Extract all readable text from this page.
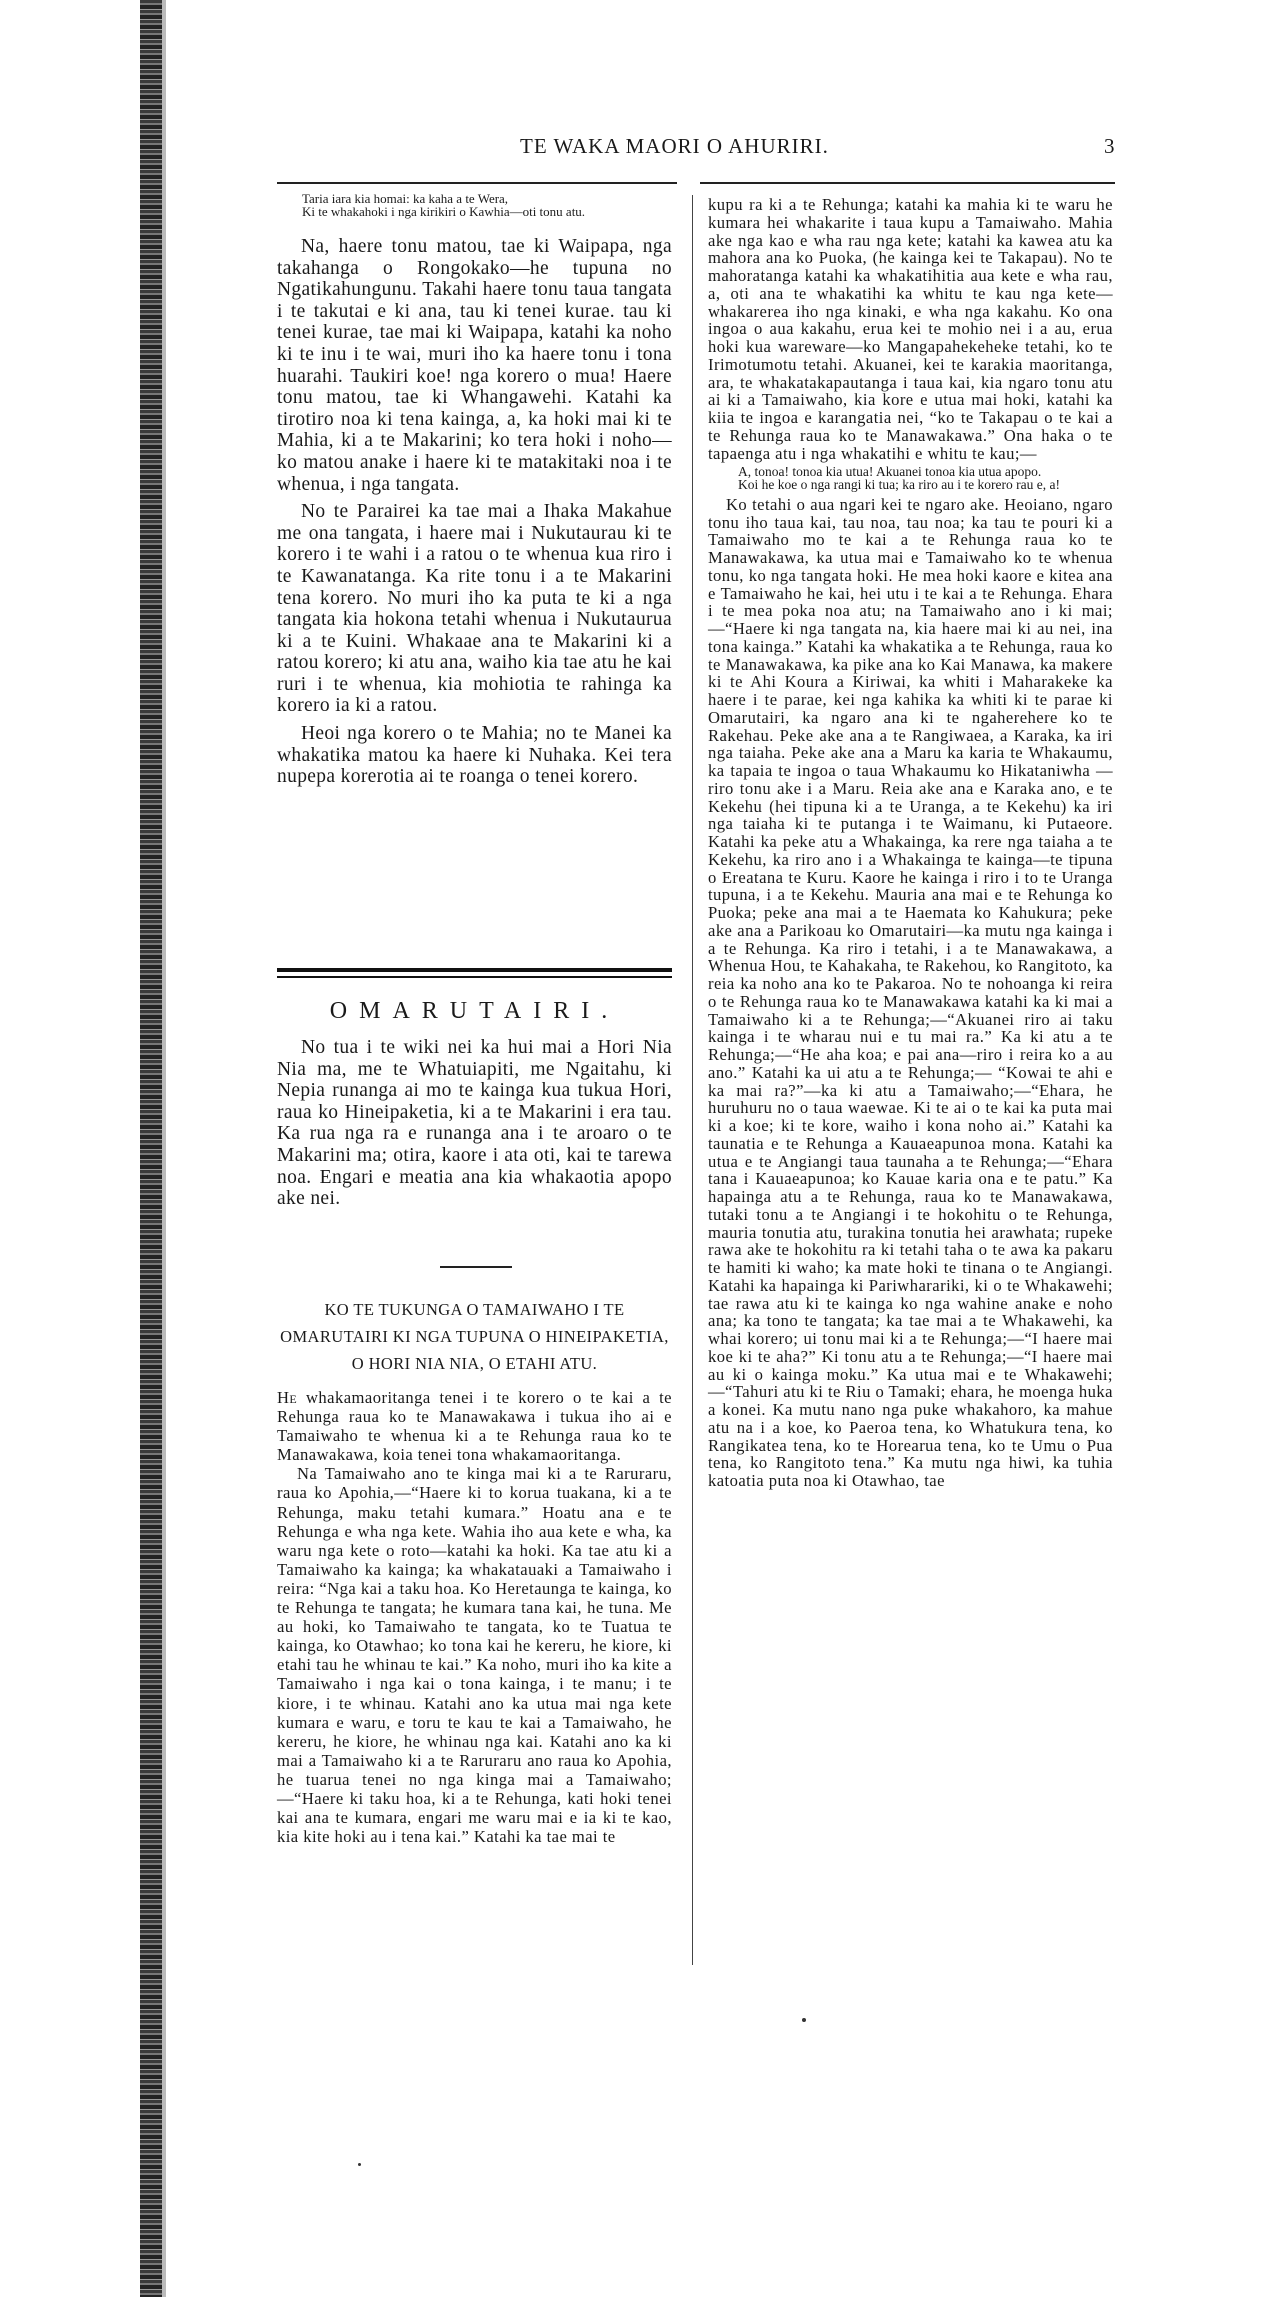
TE WAKA MAORI O AHURIRI.	3
Taria iara kia homai: ka kaha a te Wera,
Ki te whakahoki i nga kirikiri o Kawhia—oti tonu atu.

Na, haere tonu matou, tae ki Waipapa, nga takahanga o Rongokako—he tupuna no Ngatikahungunu. Takahi haere tonu taua tangata i te takutai e ki ana, tau ki tenei kurae. tau ki tenei kurae, tae mai ki Waipapa, katahi ka noho ki te inu i te wai, muri iho ka haere tonu i tona huarahi. Taukiri koe! nga korero o mua! Haere tonu matou, tae ki Whangawehi. Katahi ka tirotiro noa ki tena kainga, a, ka hoki mai ki te Mahia, ki a te Makarini; ko tera hoki i noho—ko matou anake i haere ki te matakitaki noa i te whenua, i nga tangata.

No te Parairei ka tae mai a Ihaka Makahue me ona tangata, i haere mai i Nukutaurau ki te korero i te wahi i a ratou o te whenua kua riro i te Kawanatanga. Ka rite tonu i a te Makarini tena korero. No muri iho ka puta te ki a nga tangata kia hokona tetahi whenua i Nukutaurua ki a te Kuini. Whakaae ana te Makarini ki a ratou korero; ki atu ana, waiho kia tae atu he kai ruri i te whenua, kia mohiotia te rahinga ka korero ia ki a ratou.

Heoi nga korero o te Mahia; no te Manei ka whakatika matou ka haere ki Nuhaka. Kei tera nupepa korerotia ai te roanga o tenei korero.

OMARUTAIRI.

No tua i te wiki nei ka hui mai a Hori Nia Nia ma, me te Whatuiapiti, me Ngaitahu, ki Nepia runanga ai mo te kainga kua tukua Hori, raua ko Hineipaketia, ki a te Makarini i era tau. Ka rua nga ra e runanga ana i te aroaro o te Makarini ma; otira, kaore i ata oti, kai te tarewa noa. Engari e meatia ana kia whakaotia apopo ake nei.

KO TE TUKUNGA O TAMAIWAHO I TE OMARUTAIRI KI NGA TUPUNA O HINEIPAKETIA, O HORI NIA NIA, O ETAHI ATU.

He whakamaoritanga tenei i te korero o te kai a te Rehunga raua ko te Manawakawa i tukua iho ai e Tamaiwaho te whenua ki a te Rehunga raua ko te Manawakawa, koia tenei tona whakamaoritanga.

Na Tamaiwaho ano te kinga mai ki a te Raruraru, raua ko Apohia,—“Haere ki to korua tuakana, ki a te Rehunga, maku tetahi kumara.” Hoatu ana e te Rehunga e wha nga kete. Wahia iho aua kete e wha, ka waru nga kete o roto—katahi ka hoki. Ka tae atu ki a Tamaiwaho ka kainga; ka whakatauaki a Tamaiwaho i reira: “Nga kai a taku hoa. Ko Heretaunga te kainga, ko te Rehunga te tangata; he kumara tana kai, he tuna. Me au hoki, ko Tamaiwaho te tangata, ko te Tuatua te kainga, ko Otawhao; ko tona kai he kereru, he kiore, ki etahi tau he whinau te kai.” Ka noho, muri iho ka kite a Tamaiwaho i nga kai o tona kainga, i te manu; i te kiore, i te whinau. Katahi ano ka utua mai nga kete kumara e waru, e toru te kau te kai a Tamaiwaho, he kereru, he kiore, he whinau nga kai. Katahi ano ka ki mai a Tamaiwaho ki a te Raruraru ano raua ko Apohia, he tuarua tenei no nga kinga mai a Tamaiwaho;—“Haere ki taku hoa, ki a te Rehunga, kati hoki tenei kai ana te kumara, engari me waru mai e ia ki te kao, kia kite hoki au i tena kai.” Katahi ka tae mai te

kupu ra ki a te Rehunga; katahi ka mahia ki te waru he kumara hei whakarite i taua kupu a Tamaiwaho. Mahia ake nga kao e wha rau nga kete; katahi ka kawea atu ka mahora ana ko Puoka, (he kainga kei te Takapau). No te mahoratanga katahi ka whakatihitia aua kete e wha rau, a, oti ana te whakatihi ka whitu te kau nga kete—whakarerea iho nga kinaki, e wha nga kakahu. Ko ona ingoa o aua kakahu, erua kei te mohio nei i a au, erua hoki kua wareware—ko Mangapahekeheke tetahi, ko te Irimotumotu tetahi. Akuanei, kei te karakia maoritanga, ara, te whakatakapautanga i taua kai, kia ngaro tonu atu ai ki a Tamaiwaho, kia kore e utua mai hoki, katahi ka kiia te ingoa e karangatia nei, “ko te Takapau o te kai a te Rehunga raua ko te Manawakawa.” Ona haka o te tapaenga atu i nga whakatihi e whitu te kau;—

A, tonoa! tonoa kia utua! Akuanei tonoa kia utua apopo.
Koi he koe o nga rangi ki tua; ka riro au i te korero rau e, a!

Ko tetahi o aua ngari kei te ngaro ake. Heoiano, ngaro tonu iho taua kai, tau noa, tau noa; ka tau te pouri ki a Tamaiwaho mo te kai a te Rehunga raua ko te Manawakawa, ka utua mai e Tamaiwaho ko te whenua tonu, ko nga tangata hoki. He mea hoki kaore e kitea ana e Tamaiwaho he kai, hei utu i te kai a te Rehunga. Ehara i te mea poka noa atu; na Tamaiwaho ano i ki mai;—“Haere ki nga tangata na, kia haere mai ki au nei, ina tona kainga.” Katahi ka whakatika a te Rehunga, raua ko te Manawakawa, ka pike ana ko Kai Manawa, ka makere ki te Ahi Koura a Kiriwai, ka whiti i Maharakeke ka haere i te parae, kei nga kahika ka whiti ki te parae ki Omarutairi, ka ngaro ana ki te ngaherehere ko te Rakehau. Peke ake ana a te Rangiwaea, a Karaka, ka iri nga taiaha. Peke ake ana a Maru ka karia te Whakaumu, ka tapaia te ingoa o taua Whakaumu ko Hikataniwha —riro tonu ake i a Maru. Reia ake ana e Karaka ano, e te Kekehu (hei tipuna ki a te Uranga, a te Kekehu) ka iri nga taiaha ki te putanga i te Waimanu, ki Putaeore. Katahi ka peke atu a Whakainga, ka rere nga taiaha a te Kekehu, ka riro ano i a Whakainga te kainga—te tipuna o Ereatana te Kuru. Kaore he kainga i riro i to te Uranga tupuna, i a te Kekehu. Mauria ana mai e te Rehunga ko Puoka; peke ana mai a te Haemata ko Kahukura; peke ake ana a Parikoau ko Omarutairi—ka mutu nga kainga i a te Rehunga. Ka riro i tetahi, i a te Manawakawa, a Whenua Hou, te Kahakaha, te Rakehou, ko Rangitoto, ka reia ka noho ana ko te Pakaroa. No te nohoanga ki reira o te Rehunga raua ko te Manawakawa katahi ka ki mai a Tamaiwaho ki a te Rehunga;—“Akuanei riro ai taku kainga i te wharau nui e tu mai ra.” Ka ki atu a te Rehunga;—“He aha koa; e pai ana—riro i reira ko a au ano.” Katahi ka ui atu a te Rehunga;— “Kowai te ahi e ka mai ra?”—ka ki atu a Tamaiwaho;—“Ehara, he huruhuru no o taua waewae. Ki te ai o te kai ka puta mai ki a koe; ki te kore, waiho i kona noho ai.” Katahi ka taunatia e te Rehunga a Kauaeapunoa mona. Katahi ka utua e te Angiangi taua taunaha a te Rehunga;—“Ehara tana i Kauaeapunoa; ko Kauae karia ona e te patu.” Ka hapainga atu a te Rehunga, raua ko te Manawakawa, tutaki tonu a te Angiangi i te hokohitu o te Rehunga, mauria tonutia atu, turakina tonutia hei arawhata; rupeke rawa ake te hokohitu ra ki tetahi taha o te awa ka pakaru te hamiti ki waho; ka mate hoki te tinana o te Angiangi. Katahi ka hapainga ki Pariwharariki, ki o te Whakawehi; tae rawa atu ki te kainga ko nga wahine anake e noho ana; ka tono te tangata; ka tae mai a te Whakawehi, ka whai korero; ui tonu mai ki a te Rehunga;—“I haere mai koe ki te aha?” Ki tonu atu a te Rehunga;—“I haere mai au ki o kainga moku.” Ka utua mai e te Whakawehi;—“Tahuri atu ki te Riu o Tamaki; ehara, he moenga huka a konei. Ka mutu nano nga puke whakahoro, ka mahue atu na i a koe, ko Paeroa tena, ko Whatukura tena, ko Rangikatea tena, ko te Horearua tena, ko te Umu o Pua tena, ko Rangitoto tena.” Ka mutu nga hiwi, ka tuhia katoatia puta noa ki Otawhao, tae
